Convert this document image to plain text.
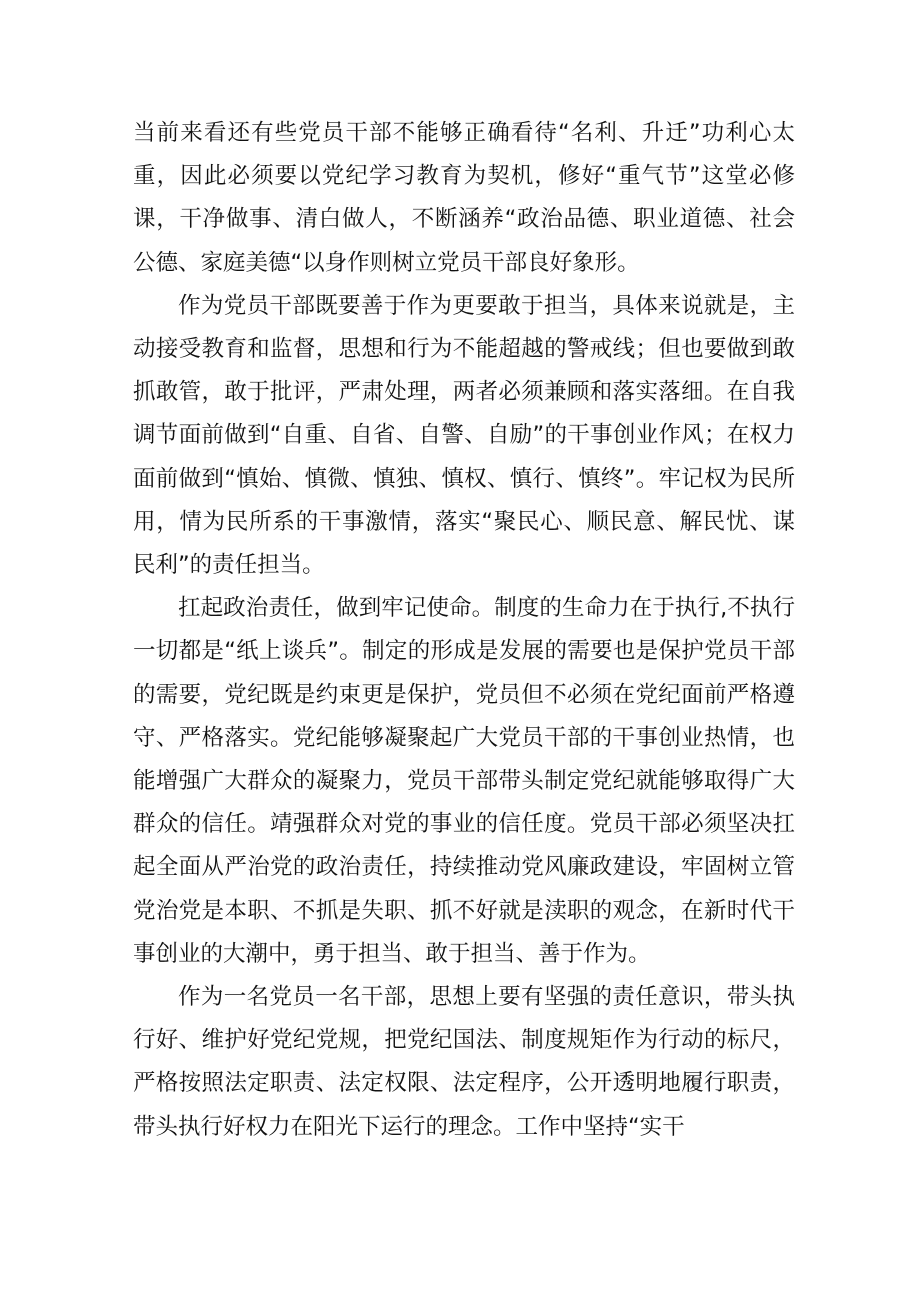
当前来看还有些党员干部不能够正确看待“名利、升迁”功利心太重，因此必须要以党纪学习教育为契机，修好“重气节”这堂必修课，干净做事、清白做人，不断涵养“政治品德、职业道德、社会公德、家庭美德“以身作则树立党员干部良好象形。

作为党员干部既要善于作为更要敢于担当，具体来说就是，主动接受教育和监督，思想和行为不能超越的警戒线；但也要做到敢抓敢管，敢于批评，严肃处理，两者必须兼顾和落实落细。在自我调节面前做到“自重、自省、自警、自励”的干事创业作风；在权力面前做到“慎始、慎微、慎独、慎权、慎行、慎终”。牢记权为民所用，情为民所系的干事激情，落实“聚民心、顺民意、解民忧、谋民利”的责任担当。

扛起政治责任，做到牢记使命。制度的生命力在于执行,不执行一切都是“纸上谈兵”。制定的形成是发展的需要也是保护党员干部的需要，党纪既是约束更是保护，党员但不必须在党纪面前严格遵守、严格落实。党纪能够凝聚起广大党员干部的干事创业热情，也能增强广大群众的凝聚力，党员干部带头制定党纪就能够取得广大群众的信任。靖强群众对党的事业的信任度。党员干部必须坚决扛起全面从严治党的政治责任，持续推动党风廉政建设，牢固树立管党治党是本职、不抓是失职、抓不好就是渎职的观念，在新时代干事创业的大潮中，勇于担当、敢于担当、善于作为。

作为一名党员一名干部，思想上要有坚强的责任意识，带头执行好、维护好党纪党规，把党纪国法、制度规矩作为行动的标尺，严格按照法定职责、法定权限、法定程序，公开透明地履行职责，带头执行好权力在阳光下运行的理念。工作中坚持“实干
